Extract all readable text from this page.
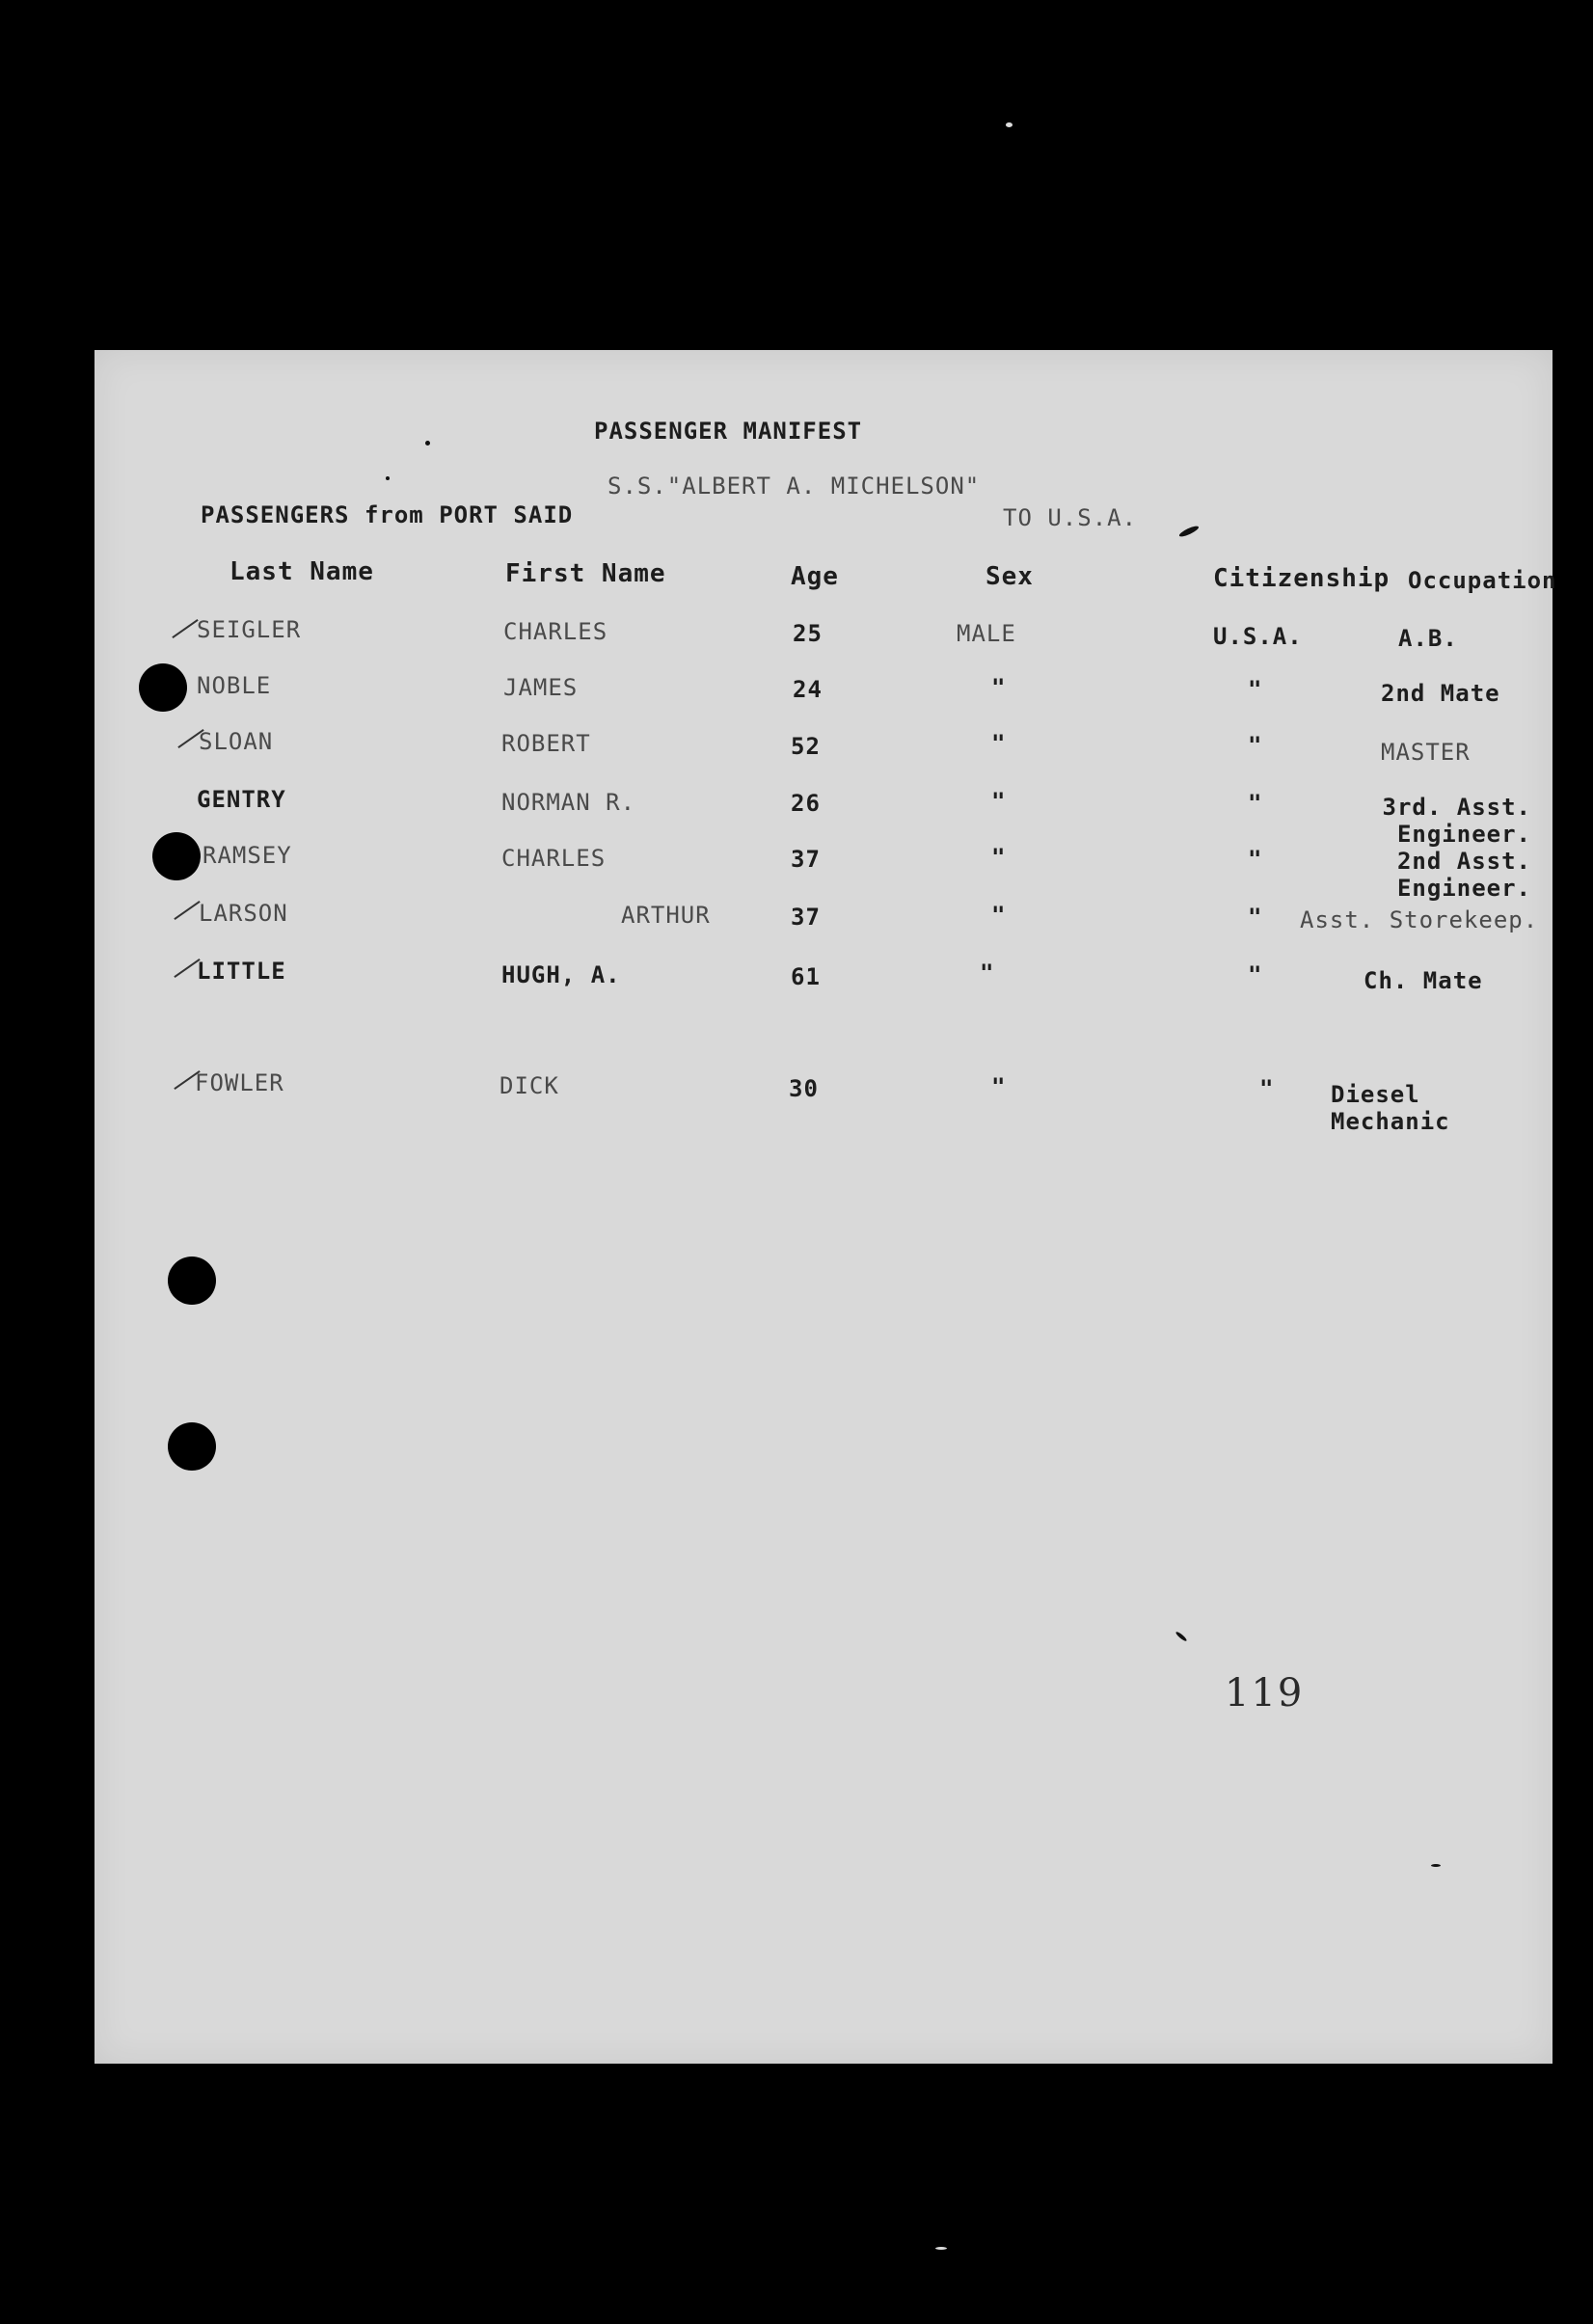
PASSENGER MANIFEST
S.S."ALBERT A. MICHELSON"
PASSENGERS from PORT SAID	TO U.S.A.
Last Name	First Name	Age	Sex	Citizenship Occupation
SEIGLER	CHARLES	25	MALE	U.S.A.	A.B.
NOBLE	JAMES	24	"	"	2nd Mate
SLOAN	ROBERT	52	"	"	MASTER
GENTRY	NORMAN R.	26	"	"	3rd. Asst. Engineer.
RAMSEY	CHARLES	37	"	"	2nd Asst. Engineer.
LARSON	ARTHUR	37	"	" Asst. Storekeep.
LITTLE	HUGH, A.	61	"	"	Ch. Mate
FOWLER	DICK	30	"	" Diesel Mechanic
119
